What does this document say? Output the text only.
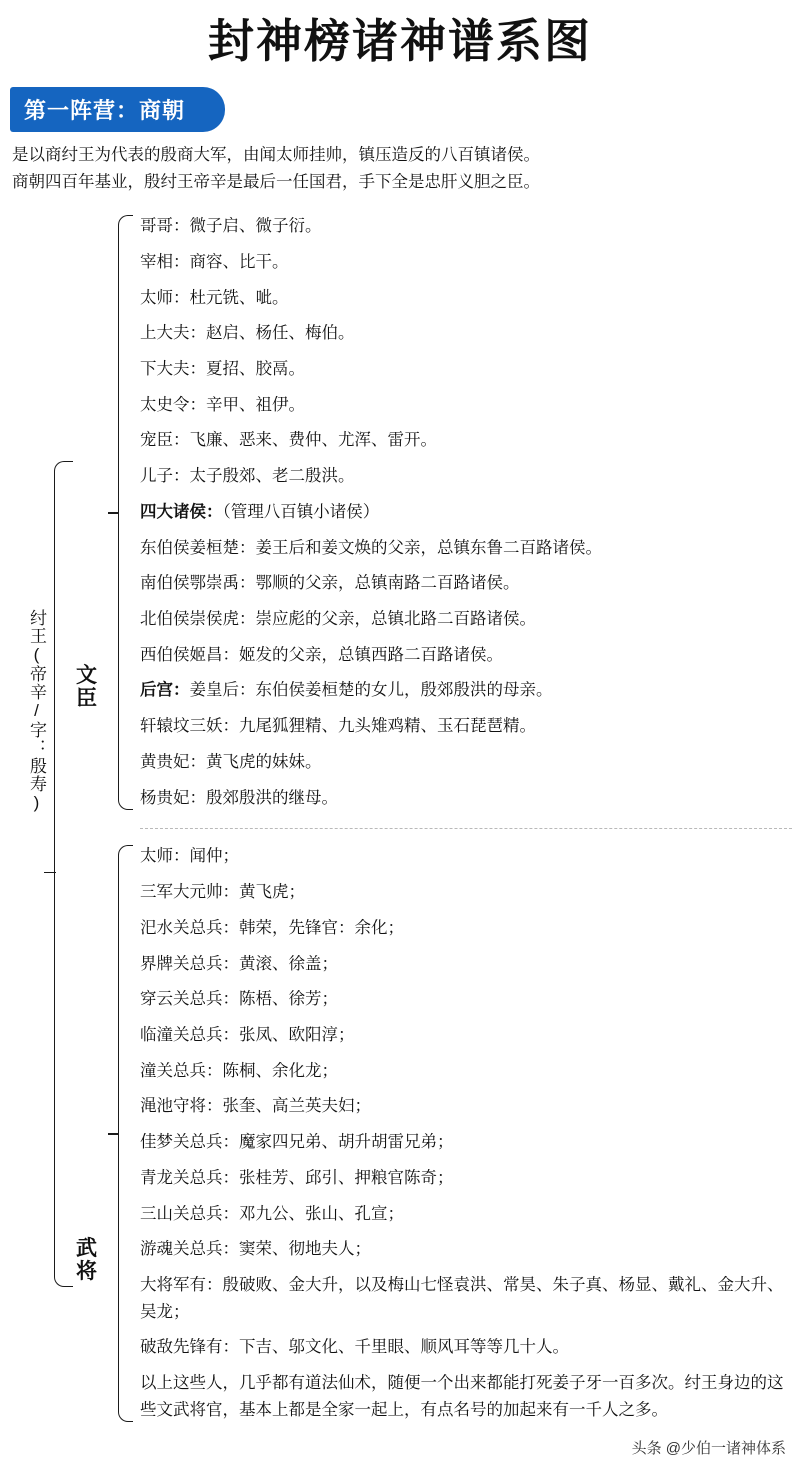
封神榜诸神谱系图
第一阵营：商朝
是以商纣王为代表的殷商大军，由闻太师挂帅，镇压造反的八百镇诸侯。
商朝四百年基业，殷纣王帝辛是最后一任国君，手下全是忠肝义胆之臣。
纣王(帝辛/字：殷寿) 文臣
武将
哥哥：微子启、微子衍。
宰相：商容、比干。
太师：杜元铣、呲。
上大夫：赵启、杨任、梅伯。
下大夫：夏招、胶鬲。
太史令：辛甲、祖伊。
宠臣：飞廉、恶来、费仲、尤浑、雷开。
儿子：太子殷郊、老二殷洪。
四大诸侯：（管理八百镇小诸侯）
东伯侯姜桓楚：姜王后和姜文焕的父亲，总镇东鲁二百路诸侯。
南伯侯鄂崇禹：鄂顺的父亲，总镇南路二百路诸侯。
北伯侯崇侯虎：崇应彪的父亲，总镇北路二百路诸侯。
西伯侯姬昌：姬发的父亲，总镇西路二百路诸侯。
后宫：姜皇后：东伯侯姜桓楚的女儿，殷郊殷洪的母亲。
轩辕坟三妖：九尾狐狸精、九头雉鸡精、玉石琵琶精。
黄贵妃：黄飞虎的妹妹。
杨贵妃：殷郊殷洪的继母。
太师：闻仲；
三军大元帅：黄飞虎；
汜水关总兵：韩荣，先锋官：余化；
界牌关总兵：黄滚、徐盖；
穿云关总兵：陈梧、徐芳；
临潼关总兵：张凤、欧阳淳；
潼关总兵：陈桐、余化龙；
渑池守将：张奎、高兰英夫妇；
佳梦关总兵：魔家四兄弟、胡升胡雷兄弟；
青龙关总兵：张桂芳、邱引、押粮官陈奇；
三山关总兵：邓九公、张山、孔宣；
游魂关总兵：窦荣、彻地夫人；
大将军有：殷破败、金大升，以及梅山七怪袁洪、常昊、朱子真、杨显、戴礼、金大升、吴龙；
破敌先锋有：下吉、邬文化、千里眼、顺风耳等等几十人。
以上这些人，几乎都有道法仙术，随便一个出来都能打死姜子牙一百多次。纣王身边的这些文武将官，基本上都是全家一起上，有点名号的加起来有一千人之多。
头条 @少伯一诸神体系
